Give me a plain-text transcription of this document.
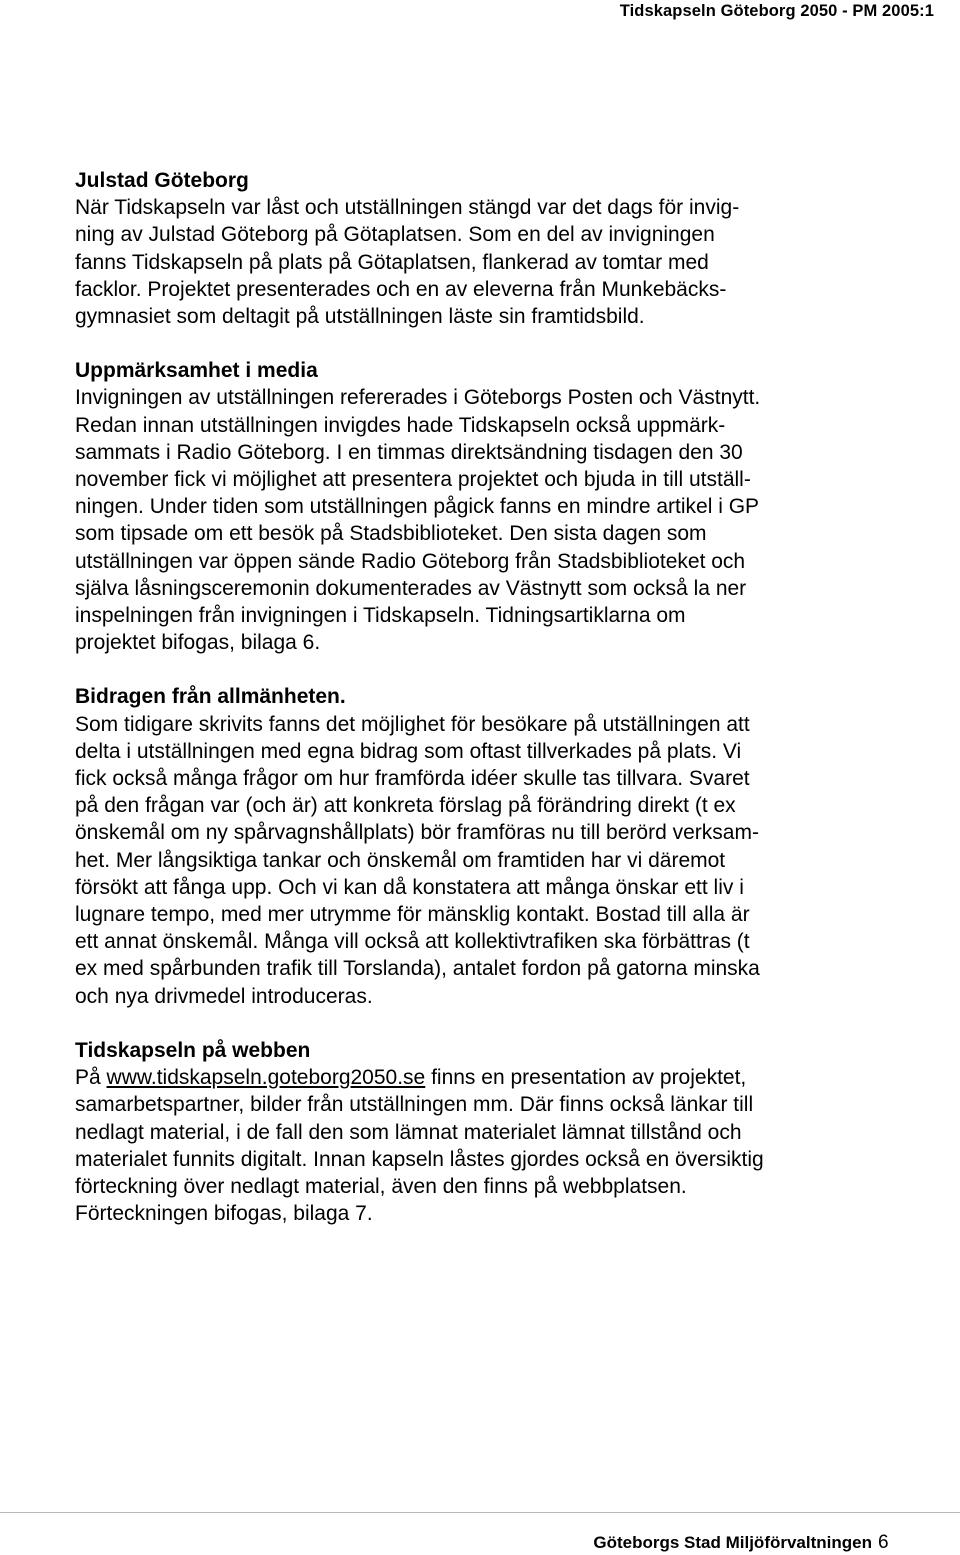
Tidskapseln Göteborg 2050 - PM 2005:1
Julstad Göteborg

När Tidskapseln var låst och utställningen stängd var det dags för invig-
ning av Julstad Göteborg på Götaplatsen. Som en del av invigningen
fanns Tidskapseln på plats på Götaplatsen, flankerad av tomtar med
facklor. Projektet presenterades och en av eleverna från Munkebäcks-
gymnasiet som deltagit på utställningen läste sin framtidsbild.

Uppmärksamhet i media

Invigningen av utställningen refererades i Göteborgs Posten och Västnytt.
Redan innan utställningen invigdes hade Tidskapseln också uppmärk-
sammats i Radio Göteborg. I en timmas direktsändning tisdagen den 30
november fick vi möjlighet att presentera projektet och bjuda in till utställ-
ningen. Under tiden som utställningen pågick fanns en mindre artikel i GP
som tipsade om ett besök på Stadsbiblioteket. Den sista dagen som
utställningen var öppen sände Radio Göteborg från Stadsbiblioteket och
själva låsningsceremonin dokumenterades av Västnytt som också la ner
inspelningen från invigningen i Tidskapseln. Tidningsartiklarna om
projektet bifogas, bilaga 6.

Bidragen från allmänheten.

Som tidigare skrivits fanns det möjlighet för besökare på utställningen att
delta i utställningen med egna bidrag som oftast tillverkades på plats. Vi
fick också många frågor om hur framförda idéer skulle tas tillvara. Svaret
på den frågan var (och är) att konkreta förslag på förändring direkt (t ex
önskemål om ny spårvagnshållplats) bör framföras nu till berörd verksam-
het. Mer långsiktiga tankar och önskemål om framtiden har vi däremot
försökt att fånga upp. Och vi kan då konstatera att många önskar ett liv i
lugnare tempo, med mer utrymme för mänsklig kontakt. Bostad till alla är
ett annat önskemål. Många vill också att kollektivtrafiken ska förbättras (t
ex med spårbunden trafik till Torslanda), antalet fordon på gatorna minska
och nya drivmedel introduceras.

Tidskapseln på webben

På www.tidskapseln.goteborg2050.se finns en presentation av projektet,
samarbetspartner, bilder från utställningen mm. Där finns också länkar till
nedlagt material, i de fall den som lämnat materialet lämnat tillstånd och
materialet funnits digitalt. Innan kapseln låstes gjordes också en översiktig
förteckning över nedlagt material, även den finns på webbplatsen.
Förteckningen bifogas, bilaga 7.

Göteborgs Stad Miljöförvaltningen 6
